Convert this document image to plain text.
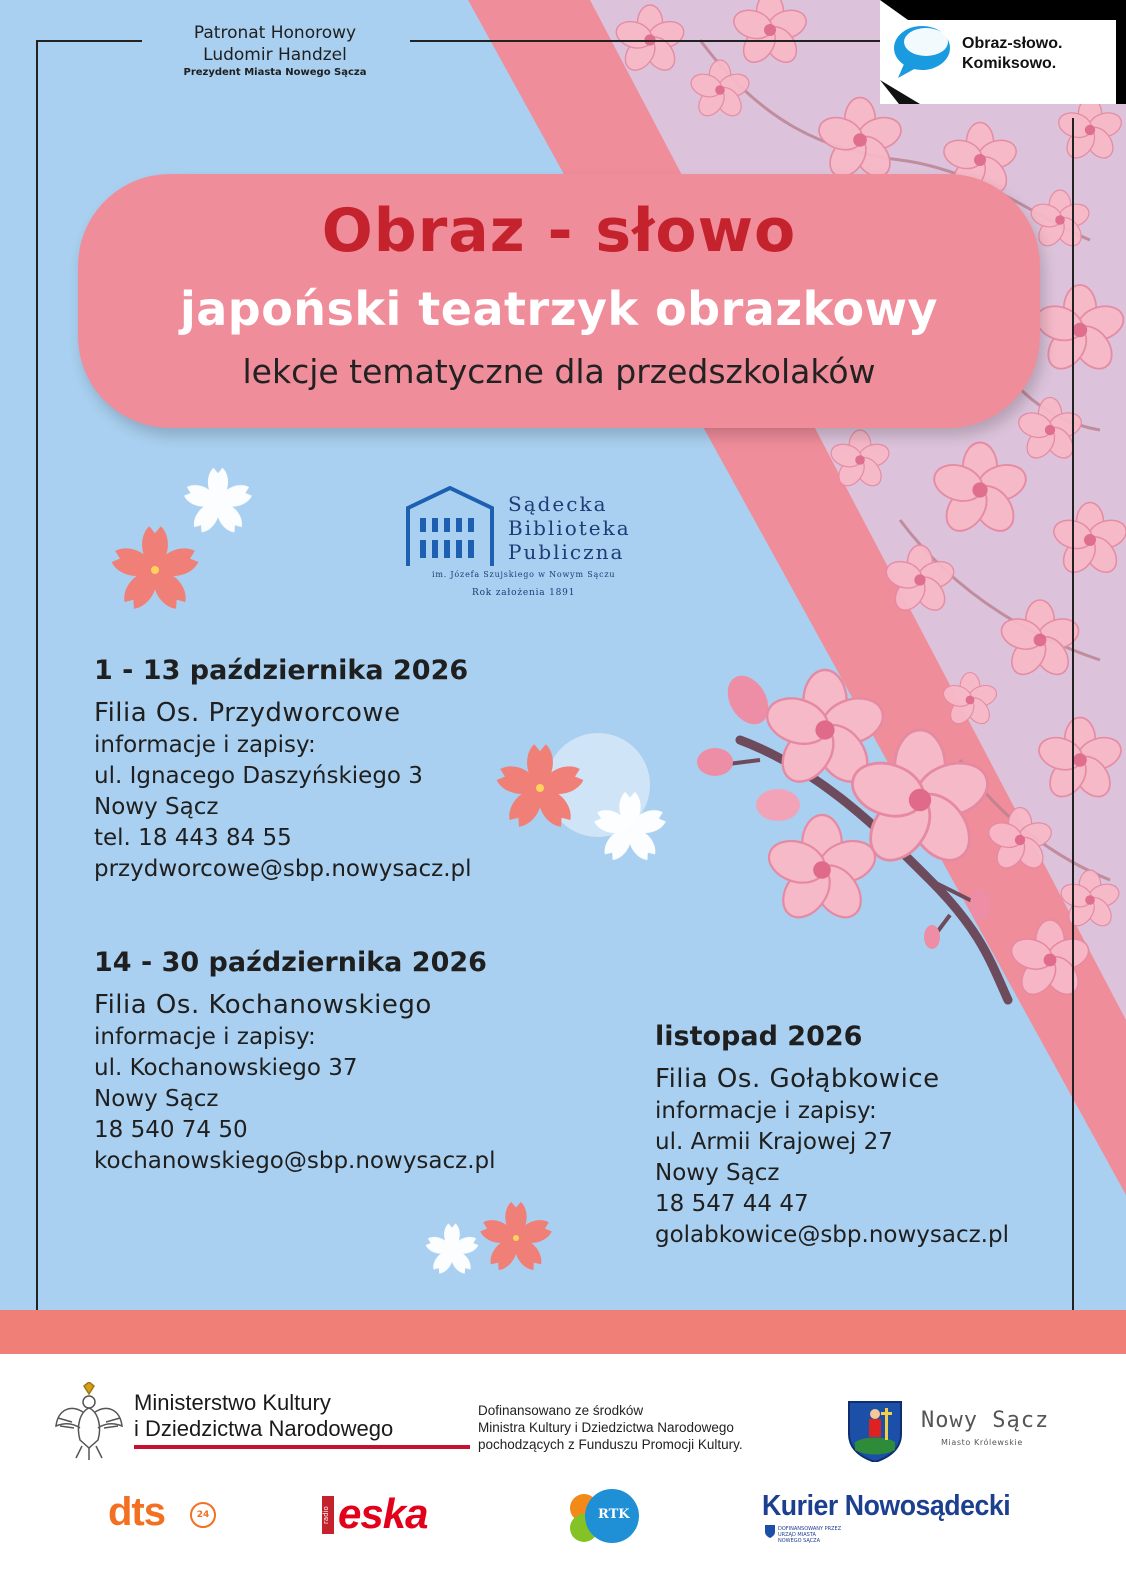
Patronat Honorowy
Ludomir Handzel
Prezydent Miasta Nowego Sącza
Obraz-słowo.
Komiksowo.
Obraz - słowo
japoński teatrzyk obrazkowy
lekcje tematyczne dla przedszkolaków
Sądecka
Biblioteka
Publiczna
im. Józefa Szujskiego w Nowym Sączu
Rok założenia 1891
1 - 13 października 2026
Filia Os. Przydworcowe
informacje i zapisy:
ul. Ignacego Daszyńskiego 3
Nowy Sącz
tel. 18 443 84 55
przydworcowe@sbp.nowysacz.pl
14 - 30 października 2026
Filia Os. Kochanowskiego
informacje i zapisy:
ul. Kochanowskiego 37
Nowy Sącz
18 540 74 50
kochanowskiego@sbp.nowysacz.pl
listopad 2026
Filia Os. Gołąbkowice
informacje i zapisy:
ul. Armii Krajowej 27
Nowy Sącz
18 547 44 47
golabkowice@sbp.nowysacz.pl
Ministerstwo Kultury
i Dziedzictwa Narodowego
Dofinansowano ze środków
Ministra Kultury i Dziedzictwa Narodowego
pochodzących z Funduszu Promocji Kultury.
Nowy Sącz
Miasto Królewskie
dts	24	radio eska	RTK	Kurier Nowosądecki
DOFINANSOWANY PRZEZ
URZĄD MIASTA
NOWEGO SĄCZA
